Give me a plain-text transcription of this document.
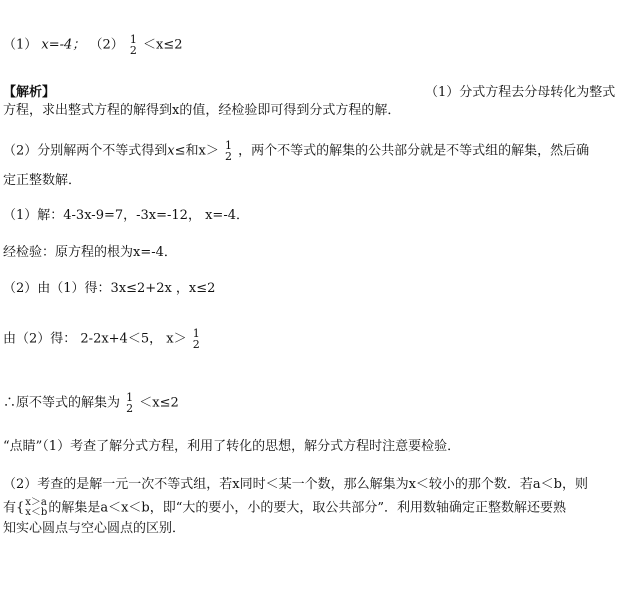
（1） x=-4； （2） 1
2 ＜x≤2
【解析】	（1）分式方程去分母转化为整式
方程，求出整式方程的解得到x的值，经检验即可得到分式方程的解．
（2）分别解两个不等式得到x≤和x＞ 1
2 ，两个不等式的解集的公共部分就是不等式组的解集，然后确
定正整数解．
（1）解：4-3x-9=7，-3x=-12， x=-4．
经检验：原方程的根为x=-4．
（2）由（1）得：3x≤2+2x ，x≤2
由（2）得： 2-2x+4＜5， x＞ 1
2
∴原不等式的解集为 1
2 ＜x≤2
“点睛”（1）考查了解分式方程，利用了转化的思想，解分式方程时注意要检验．
（2）考查的是解一元一次不等式组，若x同时＜某一个数，那么解集为x＜较小的那个数．若a＜b，则
有{ x＞a
x＜b 的解集是a＜x＜b，即“大的要小，小的要大，取公共部分”．利用数轴确定正整数解还要熟
知实心圆点与空心圆点的区别．
